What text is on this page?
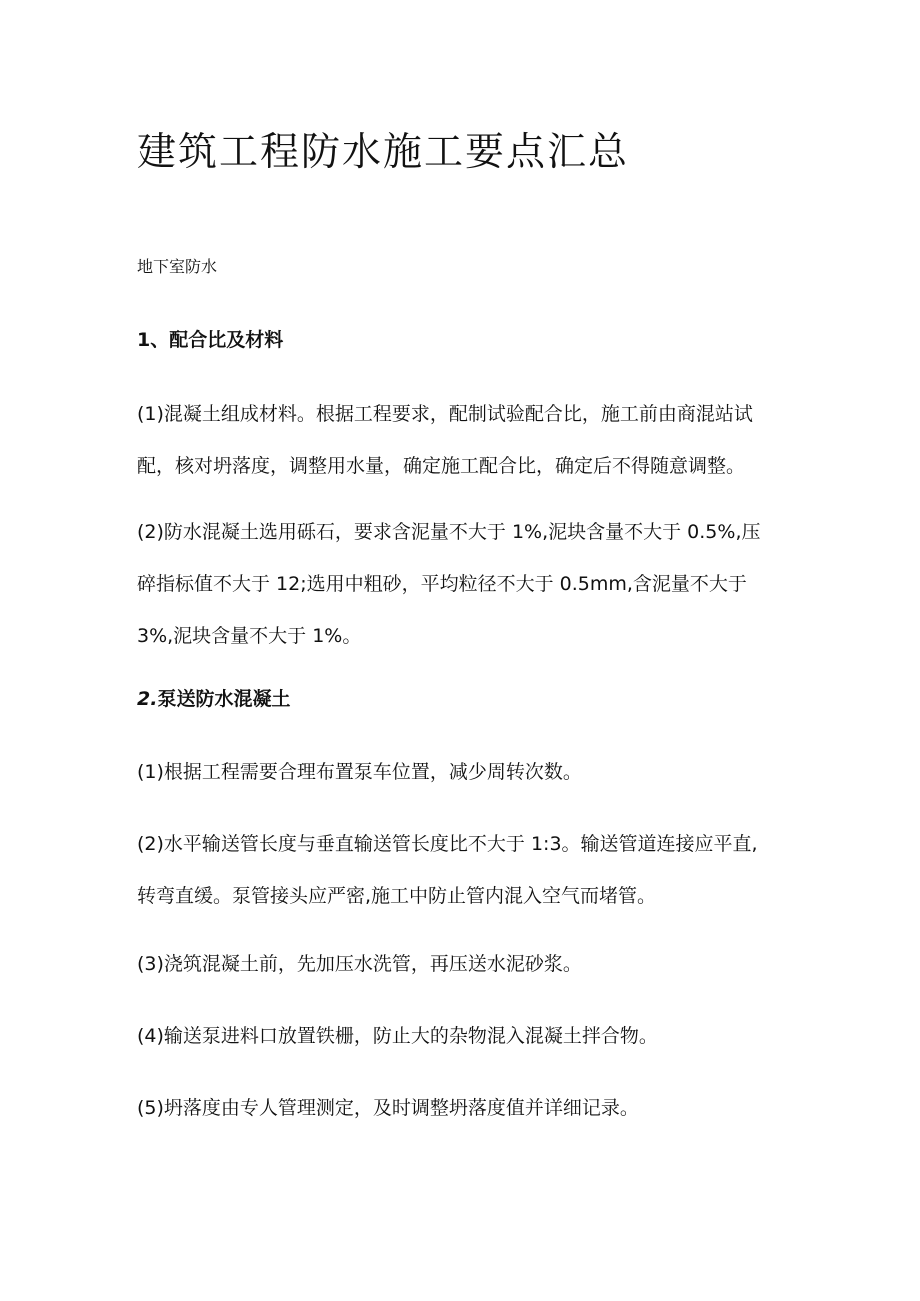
建筑工程防水施工要点汇总
地下室防水
1、配合比及材料

(1)混凝土组成材料。根据工程要求，配制试验配合比，施工前由商混站试
配，核对坍落度，调整用水量，确定施工配合比，确定后不得随意调整。

(2)防水混凝土选用砾石，要求含泥量不大于 1%,泥块含量不大于 0.5%,压
碎指标值不大于 12;选用中粗砂，平均粒径不大于 0.5mm,含泥量不大于
3%,泥块含量不大于 1%。

2.泵送防水混凝土

(1)根据工程需要合理布置泵车位置，减少周转次数。

(2)水平输送管长度与垂直输送管长度比不大于 1:3。输送管道连接应平直,
转弯直缓。泵管接头应严密,施工中防止管内混入空气而堵管。

(3)浇筑混凝土前，先加压水洗管，再压送水泥砂浆。

(4)输送泵进料口放置铁栅，防止大的杂物混入混凝土拌合物。

(5)坍落度由专人管理测定，及时调整坍落度值并详细记录。
